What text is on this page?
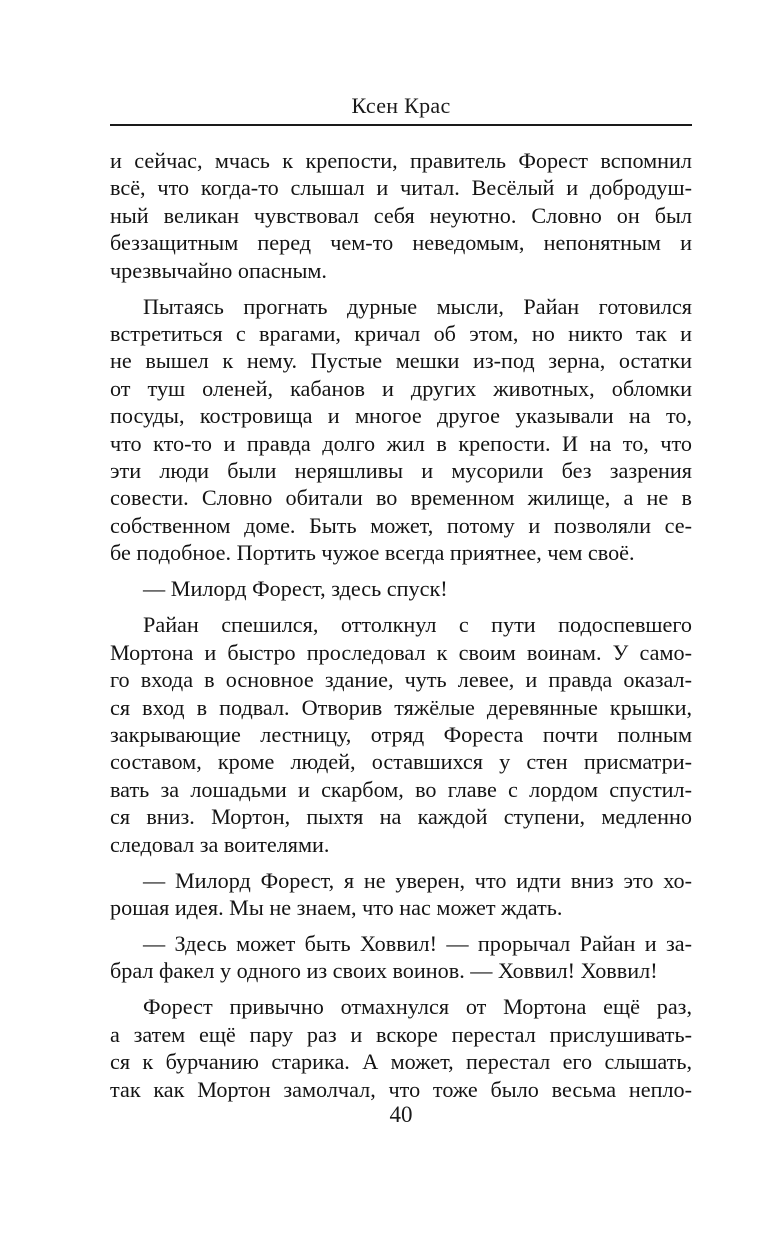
Ксен Крас
и сейчас, мчась к крепости, правитель Форест вспомнил
всё, что когда-то слышал и читал. Весёлый и добродуш-
ный великан чувствовал себя неуютно. Словно он был
беззащитным перед чем-то неведомым, непонятным и
чрезвычайно опасным.
Пытаясь прогнать дурные мысли, Райан готовился
встретиться с врагами, кричал об этом, но никто так и
не вышел к нему. Пустые мешки из-под зерна, остатки
от туш оленей, кабанов и других животных, обломки
посуды, костровища и многое другое указывали на то,
что кто-то и правда долго жил в крепости. И на то, что
эти люди были неряшливы и мусорили без зазрения
совести. Словно обитали во временном жилище, а не в
собственном доме. Быть может, потому и позволяли се-
бе подобное. Портить чужое всегда приятнее, чем своё.
— Милорд Форест, здесь спуск!
Райан спешился, оттолкнул с пути подоспевшего
Мортона и быстро проследовал к своим воинам. У само-
го входа в основное здание, чуть левее, и правда оказал-
ся вход в подвал. Отворив тяжёлые деревянные крышки,
закрывающие лестницу, отряд Фореста почти полным
составом, кроме людей, оставшихся у стен присматри-
вать за лошадьми и скарбом, во главе с лордом спустил-
ся вниз. Мортон, пыхтя на каждой ступени, медленно
следовал за воителями.
— Милорд Форест, я не уверен, что идти вниз это хо-
рошая идея. Мы не знаем, что нас может ждать.
— Здесь может быть Ховвил! — прорычал Райан и за-
брал факел у одного из своих воинов. — Ховвил! Ховвил!
Форест привычно отмахнулся от Мортона ещё раз,
а затем ещё пару раз и вскоре перестал прислушивать-
ся к бурчанию старика. А может, перестал его слышать,
так как Мортон замолчал, что тоже было весьма непло-
40
